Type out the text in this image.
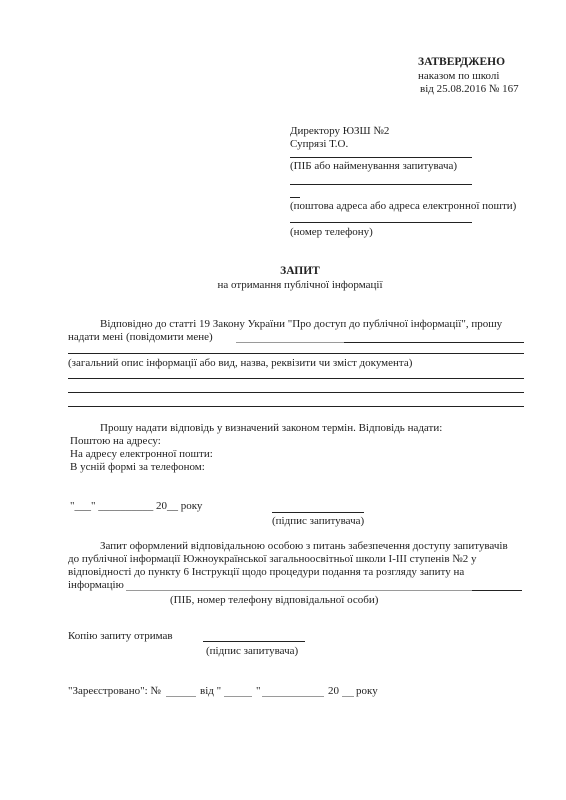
ЗАТВЕРДЖЕНО
наказом по школі
від 25.08.2016 № 167
Директору ЮЗШ №2
Супрязі Т.О.
(ПІБ або найменування запитувача)
(поштова адреса або адреса електронної пошти)
(номер телефону)
ЗАПИТ
на отримання публічної інформації
Відповідно до статті 19 Закону України "Про доступ до публічної інформації", прошу
надати мені (повідомити мене)
(загальний опис інформації або вид, назва, реквізити чи зміст документа)
Прошу надати відповідь у визначений законом термін. Відповідь надати:
Поштою на адресу:
На адресу електронної пошти:
В усній формі за телефоном:
"___" __________ 20__ року
(підпис запитувача)
Запит оформлений відповідальною особою з питань забезпечення доступу запитувачів
до публічної інформації Южноукраїнської загальноосвітньої школи І-ІІІ ступенів №2 у
відповідності до пункту 6 Інструкції щодо процедури подання та розгляду запиту на
інформацію
(ПІБ, номер телефону відповідальної особи)
Копію запиту отримав
(підпис запитувача)
"Зареєстровано": №	від "	"	20 року
